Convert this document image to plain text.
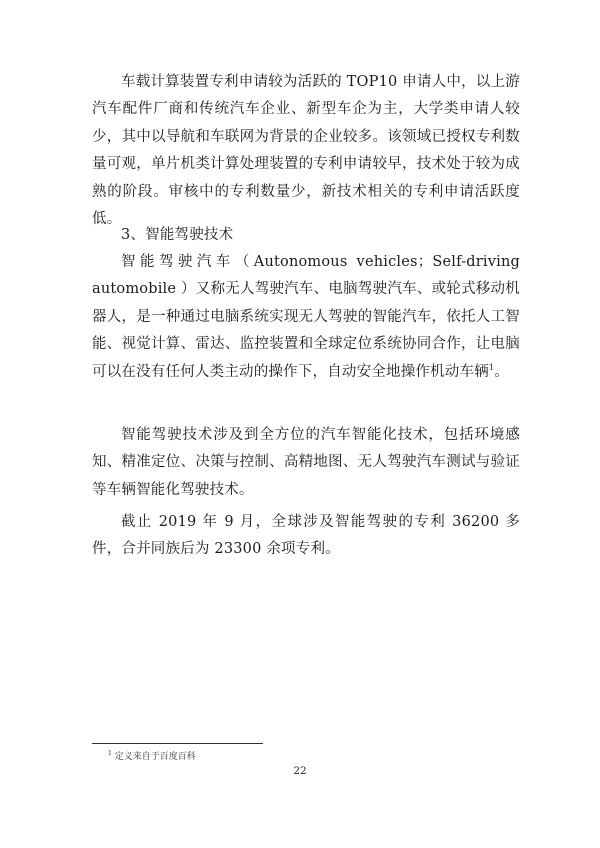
车载计算装置专利申请较为活跃的 TOP10 申请人中，以上游汽车配件厂商和传统汽车企业、新型车企为主，大学类申请人较少，其中以导航和车联网为背景的企业较多。该领域已授权专利数量可观，单片机类计算处理装置的专利申请较早，技术处于较为成熟的阶段。审核中的专利数量少，新技术相关的专利申请活跃度低。

3、智能驾驶技术

智能驾驶汽车（Autonomous vehicles；Self-driving automobile ）又称无人驾驶汽车、电脑驾驶汽车、或轮式移动机器人，是一种通过电脑系统实现无人驾驶的智能汽车，依托人工智能、视觉计算、雷达、监控装置和全球定位系统协同合作，让电脑可以在没有任何人类主动的操作下，自动安全地操作机动车辆$^1$。

智能驾驶技术涉及到全方位的汽车智能化技术，包括环境感知、精准定位、决策与控制、高精地图、无人驾驶汽车测试与验证等车辆智能化驾驶技术。

截止 2019 年 9 月，全球涉及智能驾驶的专利 36200 多件，合并同族后为 23300 余项专利。

$^1$ 定义来自于百度百科
22
